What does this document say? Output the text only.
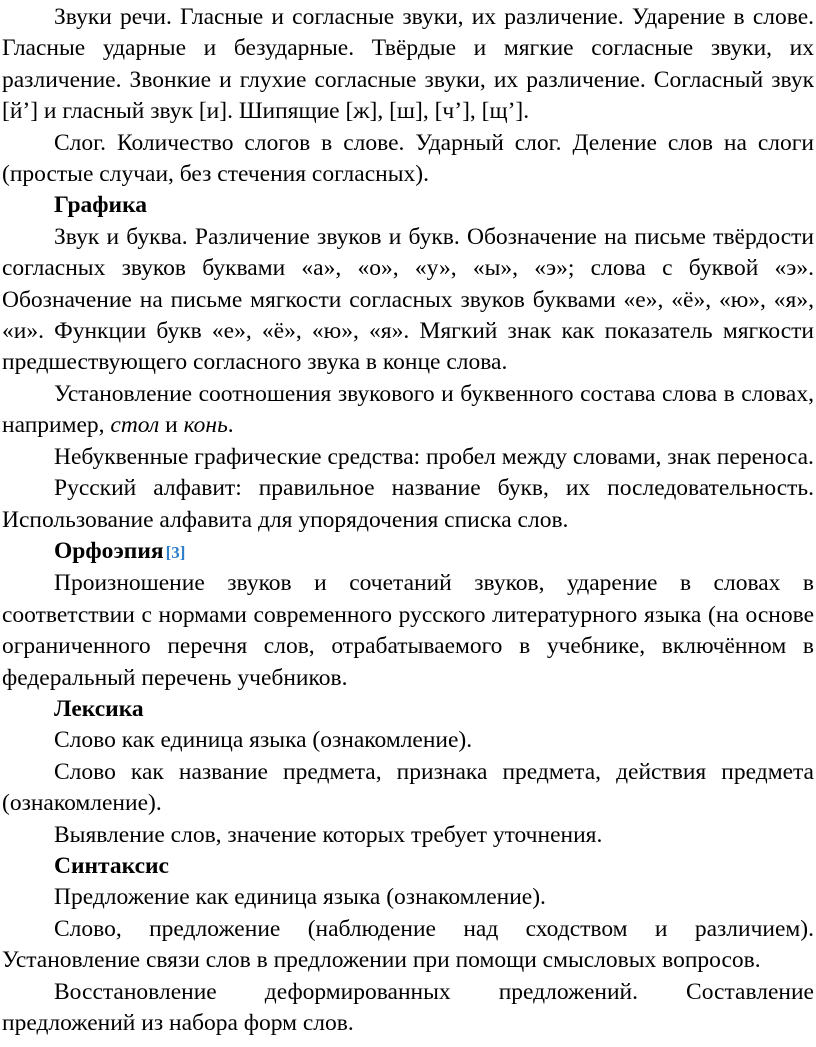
Звуки речи. Гласные и согласные звуки, их различение. Ударение в слове. Гласные ударные и безударные. Твёрдые и мягкие согласные звуки, их различение. Звонкие и глухие согласные звуки, их различение. Согласный звук [й’] и гласный звук [и]. Шипящие [ж], [ш], [ч’], [щ’].

Слог. Количество слогов в слове. Ударный слог. Деление слов на слоги (простые случаи, без стечения согласных).

Графика

Звук и буква. Различение звуков и букв. Обозначение на письме твёрдости согласных звуков буквами «а», «о», «у», «ы», «э»; слова с буквой «э». Обозначение на письме мягкости согласных звуков буквами «е», «ё», «ю», «я», «и». Функции букв «е», «ё», «ю», «я». Мягкий знак как показатель мягкости предшествующего согласного звука в конце слова.

Установление соотношения звукового и буквенного состава слова в словах, например, стол и конь.

Небуквенные графические средства: пробел между словами, знак переноса.

Русский алфавит: правильное название букв, их последовательность. Использование алфавита для упорядочения списка слов.

Орфоэпия [3]

Произношение звуков и сочетаний звуков, ударение в словах в соответствии с нормами современного русского литературного языка (на основе ограниченного перечня слов, отрабатываемого в учебнике, включённом в федеральный перечень учебников.

Лексика

Слово как единица языка (ознакомление).

Слово как название предмета, признака предмета, действия предмета (ознакомление).

Выявление слов, значение которых требует уточнения.

Синтаксис

Предложение как единица языка (ознакомление).

Слово, предложение (наблюдение над сходством и различием). Установление связи слов в предложении при помощи смысловых вопросов.

Восстановление деформированных предложений. Составление предложений из набора форм слов.
